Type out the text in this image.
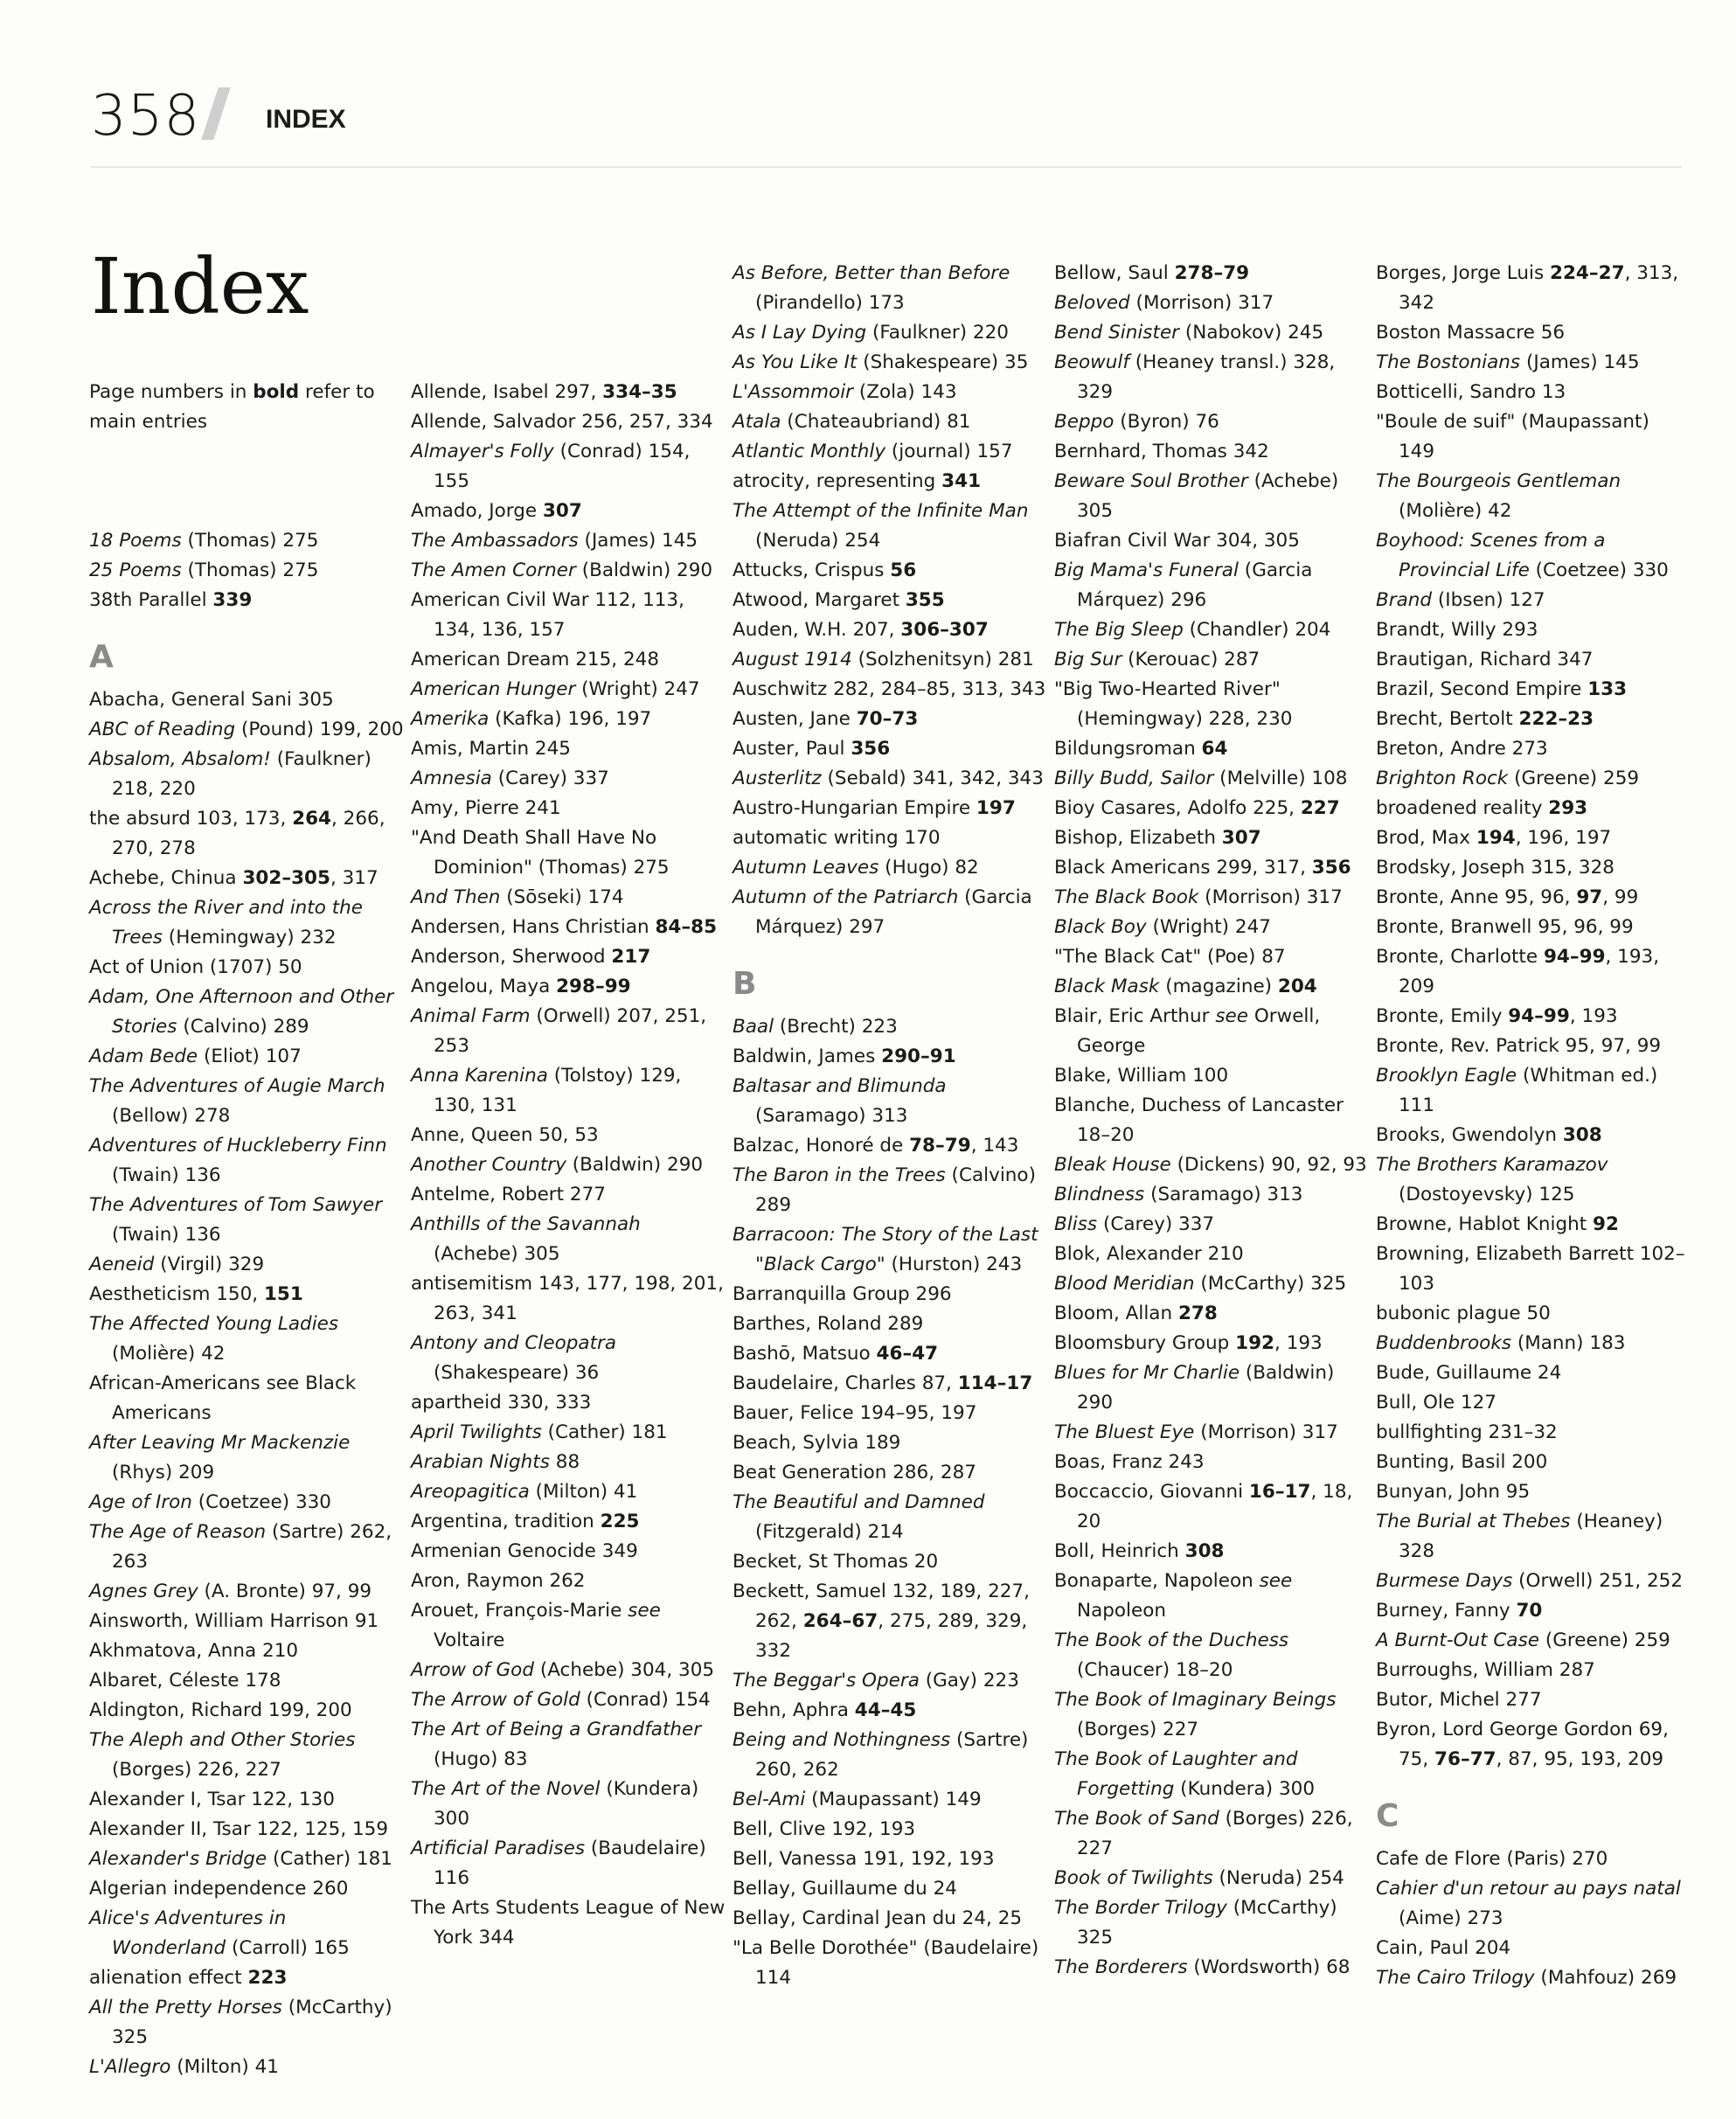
358 INDEX
Index
Page numbers in bold refer to main entries
18 Poems (Thomas) 275
25 Poems (Thomas) 275
38th Parallel 339
A
Abacha, General Sani 305
ABC of Reading (Pound) 199, 200
Absalom, Absalom! (Faulkner) 218, 220
the absurd 103, 173, 264, 266, 270, 278
Achebe, Chinua 302–305, 317
Across the River and into the Trees (Hemingway) 232
Act of Union (1707) 50
Adam, One Afternoon and Other Stories (Calvino) 289
Adam Bede (Eliot) 107
The Adventures of Augie March (Bellow) 278
Adventures of Huckleberry Finn (Twain) 136
The Adventures of Tom Sawyer (Twain) 136
Aeneid (Virgil) 329
Aestheticism 150, 151
The Affected Young Ladies (Molière) 42
African-Americans see Black Americans
After Leaving Mr Mackenzie (Rhys) 209
Age of Iron (Coetzee) 330
The Age of Reason (Sartre) 262, 263
Agnes Grey (A. Bronte) 97, 99
Ainsworth, William Harrison 91
Akhmatova, Anna 210
Albaret, Céleste 178
Aldington, Richard 199, 200
The Aleph and Other Stories (Borges) 226, 227
Alexander I, Tsar 122, 130
Alexander II, Tsar 122, 125, 159
Alexander's Bridge (Cather) 181
Algerian independence 260
Alice's Adventures in Wonderland (Carroll) 165
alienation effect 223
All the Pretty Horses (McCarthy) 325
L'Allegro (Milton) 41
Allende, Isabel 297, 334–35
Allende, Salvador 256, 257, 334
Almayer's Folly (Conrad) 154, 155
Amado, Jorge 307
The Ambassadors (James) 145
The Amen Corner (Baldwin) 290
American Civil War 112, 113, 134, 136, 157
American Dream 215, 248
American Hunger (Wright) 247
Amerika (Kafka) 196, 197
Amis, Martin 245
Amnesia (Carey) 337
Amy, Pierre 241
"And Death Shall Have No Dominion" (Thomas) 275
And Then (Sōseki) 174
Andersen, Hans Christian 84–85
Anderson, Sherwood 217
Angelou, Maya 298–99
Animal Farm (Orwell) 207, 251, 253
Anna Karenina (Tolstoy) 129, 130, 131
Anne, Queen 50, 53
Another Country (Baldwin) 290
Antelme, Robert 277
Anthills of the Savannah (Achebe) 305
antisemitism 143, 177, 198, 201, 263, 341
Antony and Cleopatra (Shakespeare) 36
apartheid 330, 333
April Twilights (Cather) 181
Arabian Nights 88
Areopagitica (Milton) 41
Argentina, tradition 225
Armenian Genocide 349
Aron, Raymon 262
Arouet, François-Marie see Voltaire
Arrow of God (Achebe) 304, 305
The Arrow of Gold (Conrad) 154
The Art of Being a Grandfather (Hugo) 83
The Art of the Novel (Kundera) 300
Artificial Paradises (Baudelaire) 116
The Arts Students League of New York 344
As Before, Better than Before (Pirandello) 173
As I Lay Dying (Faulkner) 220
As You Like It (Shakespeare) 35
L'Assommoir (Zola) 143
Atala (Chateaubriand) 81
Atlantic Monthly (journal) 157
atrocity, representing 341
The Attempt of the Infinite Man (Neruda) 254
Attucks, Crispus 56
Atwood, Margaret 355
Auden, W.H. 207, 306–307
August 1914 (Solzhenitsyn) 281
Auschwitz 282, 284–85, 313, 343
Austen, Jane 70–73
Auster, Paul 356
Austerlitz (Sebald) 341, 342, 343
Austro-Hungarian Empire 197
automatic writing 170
Autumn Leaves (Hugo) 82
Autumn of the Patriarch (Garcia Márquez) 297
B
Baal (Brecht) 223
Baldwin, James 290–91
Baltasar and Blimunda (Saramago) 313
Balzac, Honoré de 78–79, 143
The Baron in the Trees (Calvino) 289
Barracoon: The Story of the Last "Black Cargo" (Hurston) 243
Barranquilla Group 296
Barthes, Roland 289
Bashō, Matsuo 46–47
Baudelaire, Charles 87, 114–17
Bauer, Felice 194–95, 197
Beach, Sylvia 189
Beat Generation 286, 287
The Beautiful and Damned (Fitzgerald) 214
Becket, St Thomas 20
Beckett, Samuel 132, 189, 227, 262, 264–67, 275, 289, 329, 332
The Beggar's Opera (Gay) 223
Behn, Aphra 44–45
Being and Nothingness (Sartre) 260, 262
Bel-Ami (Maupassant) 149
Bell, Clive 192, 193
Bell, Vanessa 191, 192, 193
Bellay, Guillaume du 24
Bellay, Cardinal Jean du 24, 25
"La Belle Dorothée" (Baudelaire) 114
Bellow, Saul 278–79
Beloved (Morrison) 317
Bend Sinister (Nabokov) 245
Beowulf (Heaney transl.) 328, 329
Beppo (Byron) 76
Bernhard, Thomas 342
Beware Soul Brother (Achebe) 305
Biafran Civil War 304, 305
Big Mama's Funeral (Garcia Márquez) 296
The Big Sleep (Chandler) 204
Big Sur (Kerouac) 287
"Big Two-Hearted River" (Hemingway) 228, 230
Bildungsroman 64
Billy Budd, Sailor (Melville) 108
Bioy Casares, Adolfo 225, 227
Bishop, Elizabeth 307
Black Americans 299, 317, 356
The Black Book (Morrison) 317
Black Boy (Wright) 247
"The Black Cat" (Poe) 87
Black Mask (magazine) 204
Blair, Eric Arthur see Orwell, George
Blake, William 100
Blanche, Duchess of Lancaster 18–20
Bleak House (Dickens) 90, 92, 93
Blindness (Saramago) 313
Bliss (Carey) 337
Blok, Alexander 210
Blood Meridian (McCarthy) 325
Bloom, Allan 278
Bloomsbury Group 192, 193
Blues for Mr Charlie (Baldwin) 290
The Bluest Eye (Morrison) 317
Boas, Franz 243
Boccaccio, Giovanni 16–17, 18, 20
Boll, Heinrich 308
Bonaparte, Napoleon see Napoleon
The Book of the Duchess (Chaucer) 18–20
The Book of Imaginary Beings (Borges) 227
The Book of Laughter and Forgetting (Kundera) 300
The Book of Sand (Borges) 226, 227
Book of Twilights (Neruda) 254
The Border Trilogy (McCarthy) 325
The Borderers (Wordsworth) 68
Borges, Jorge Luis 224–27, 313, 342
Boston Massacre 56
The Bostonians (James) 145
Botticelli, Sandro 13
"Boule de suif" (Maupassant) 149
The Bourgeois Gentleman (Molière) 42
Boyhood: Scenes from a Provincial Life (Coetzee) 330
Brand (Ibsen) 127
Brandt, Willy 293
Brautigan, Richard 347
Brazil, Second Empire 133
Brecht, Bertolt 222–23
Breton, Andre 273
Brighton Rock (Greene) 259
broadened reality 293
Brod, Max 194, 196, 197
Brodsky, Joseph 315, 328
Bronte, Anne 95, 96, 97, 99
Bronte, Branwell 95, 96, 99
Bronte, Charlotte 94–99, 193, 209
Bronte, Emily 94–99, 193
Bronte, Rev. Patrick 95, 97, 99
Brooklyn Eagle (Whitman ed.) 111
Brooks, Gwendolyn 308
The Brothers Karamazov (Dostoyevsky) 125
Browne, Hablot Knight 92
Browning, Elizabeth Barrett 102–103
bubonic plague 50
Buddenbrooks (Mann) 183
Bude, Guillaume 24
Bull, Ole 127
bullfighting 231–32
Bunting, Basil 200
Bunyan, John 95
The Burial at Thebes (Heaney) 328
Burmese Days (Orwell) 251, 252
Burney, Fanny 70
A Burnt-Out Case (Greene) 259
Burroughs, William 287
Butor, Michel 277
Byron, Lord George Gordon 69, 75, 76–77, 87, 95, 193, 209
C
Cafe de Flore (Paris) 270
Cahier d'un retour au pays natal (Aime) 273
Cain, Paul 204
The Cairo Trilogy (Mahfouz) 269
